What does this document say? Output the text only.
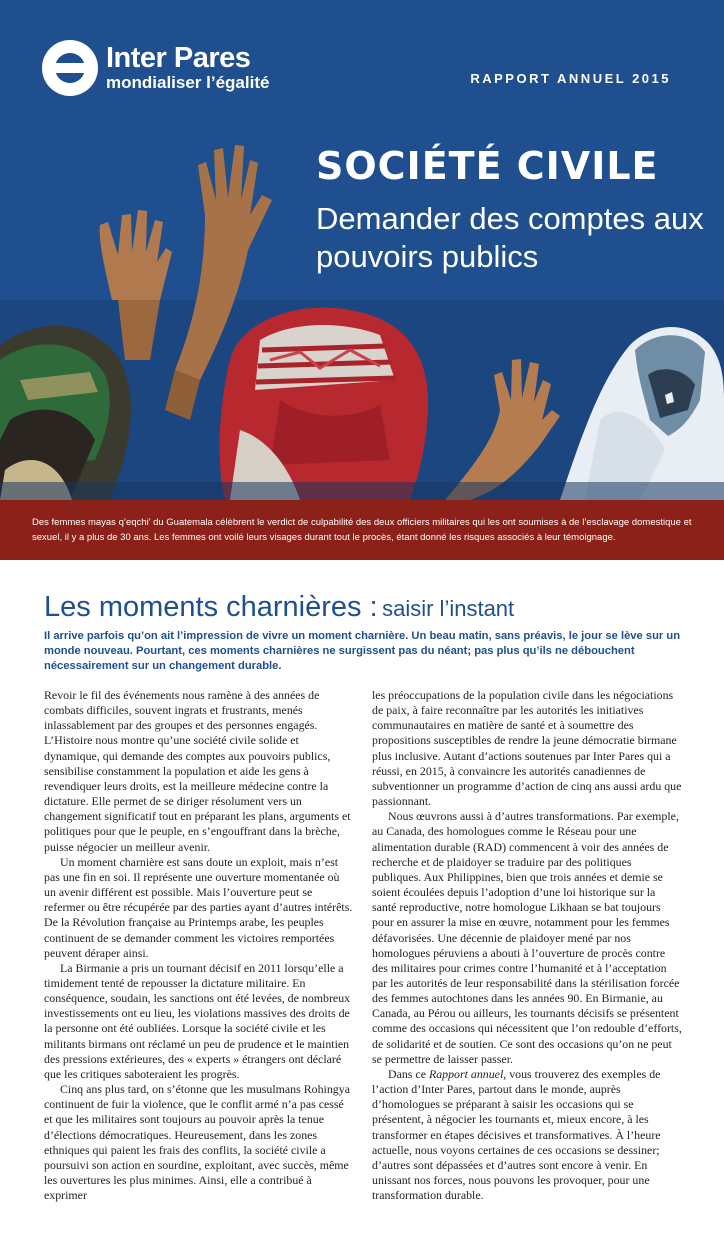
Inter Pares
mondialiser l’égalité	RAPPORT ANNUEL 2015
SOCIÉTÉ CIVILE
Demander des comptes aux pouvoirs publics

Des femmes mayas q’eqchi’ du Guatemala célèbrent le verdict de culpabilité des deux officiers militaires qui les ont soumises à de l’esclavage domestique et sexuel, il y a plus de 30 ans. Les femmes ont voilé leurs visages durant tout le procès, étant donné les risques associés à leur témoignage.

Les moments charnières : saisir l’instant

Il arrive parfois qu’on ait l’impression de vivre un moment charnière. Un beau matin, sans préavis, le jour se lève sur un monde nouveau. Pourtant, ces moments charnières ne surgissent pas du néant; pas plus qu’ils ne débouchent nécessairement sur un changement durable.

Revoir le fil des événements nous ramène à des années de combats difficiles, souvent ingrats et frustrants, menés inlassablement par des groupes et des personnes engagés. L’Histoire nous montre qu’une société civile solide et dynamique, qui demande des comptes aux pouvoirs publics, sensibilise constamment la population et aide les gens à revendiquer leurs droits, est la meilleure médecine contre la dictature. Elle permet de se diriger résolument vers un changement significatif tout en préparant les plans, arguments et politiques pour que le peuple, en s’engouffrant dans la brèche, puisse négocier un meilleur avenir.

Un moment charnière est sans doute un exploit, mais n’est pas une fin en soi. Il représente une ouverture momentanée où un avenir différent est possible. Mais l’ouverture peut se refermer ou être récupérée par des parties ayant d’autres intérêts. De la Révolution française au Printemps arabe, les peuples continuent de se demander comment les victoires remportées peuvent déraper ainsi.

La Birmanie a pris un tournant décisif en 2011 lorsqu’elle a timidement tenté de repousser la dictature militaire. En conséquence, soudain, les sanctions ont été levées, de nombreux investissements ont eu lieu, les violations massives des droits de la personne ont été oubliées. Lorsque la société civile et les militants birmans ont réclamé un peu de prudence et le maintien des pressions extérieures, des « experts » étrangers ont déclaré que les critiques saboteraient les progrès.

Cinq ans plus tard, on s’étonne que les musulmans Rohingya continuent de fuir la violence, que le conflit armé n’a pas cessé et que les militaires sont toujours au pouvoir après la tenue d’élections démocratiques. Heureusement, dans les zones ethniques qui paient les frais des conflits, la société civile a poursuivi son action en sourdine, exploitant, avec succès, même les ouvertures les plus minimes. Ainsi, elle a contribué à exprimer

les préoccupations de la population civile dans les négociations de paix, à faire reconnaître par les autorités les initiatives communautaires en matière de santé et à soumettre des propositions susceptibles de rendre la jeune démocratie birmane plus inclusive. Autant d’actions soutenues par Inter Pares qui a réussi, en 2015, à convaincre les autorités canadiennes de subventionner un programme d’action de cinq ans aussi ardu que passionnant.

Nous œuvrons aussi à d’autres transformations. Par exemple, au Canada, des homologues comme le Réseau pour une alimentation durable (RAD) commencent à voir des années de recherche et de plaidoyer se traduire par des politiques publiques. Aux Philippines, bien que trois années et demie se soient écoulées depuis l’adoption d’une loi historique sur la santé reproductive, notre homologue Likhaan se bat toujours pour en assurer la mise en œuvre, notamment pour les femmes défavorisées. Une décennie de plaidoyer mené par nos homologues péruviens a abouti à l’ouverture de procès contre des militaires pour crimes contre l’humanité et à l’acceptation par les autorités de leur responsabilité dans la stérilisation forcée des femmes autochtones dans les années 90. En Birmanie, au Canada, au Pérou ou ailleurs, les tournants décisifs se présentent comme des occasions qui nécessitent que l’on redouble d’efforts, de solidarité et de soutien. Ce sont des occasions qu’on ne peut se permettre de laisser passer.

Dans ce Rapport annuel, vous trouverez des exemples de l’action d’Inter Pares, partout dans le monde, auprès d’homologues se préparant à saisir les occasions qui se présentent, à négocier les tournants et, mieux encore, à les transformer en étapes décisives et transformatives. À l’heure actuelle, nous voyons certaines de ces occasions se dessiner; d’autres sont dépassées et d’autres sont encore à venir. En unissant nos forces, nous pouvons les provoquer, pour une transformation durable.
